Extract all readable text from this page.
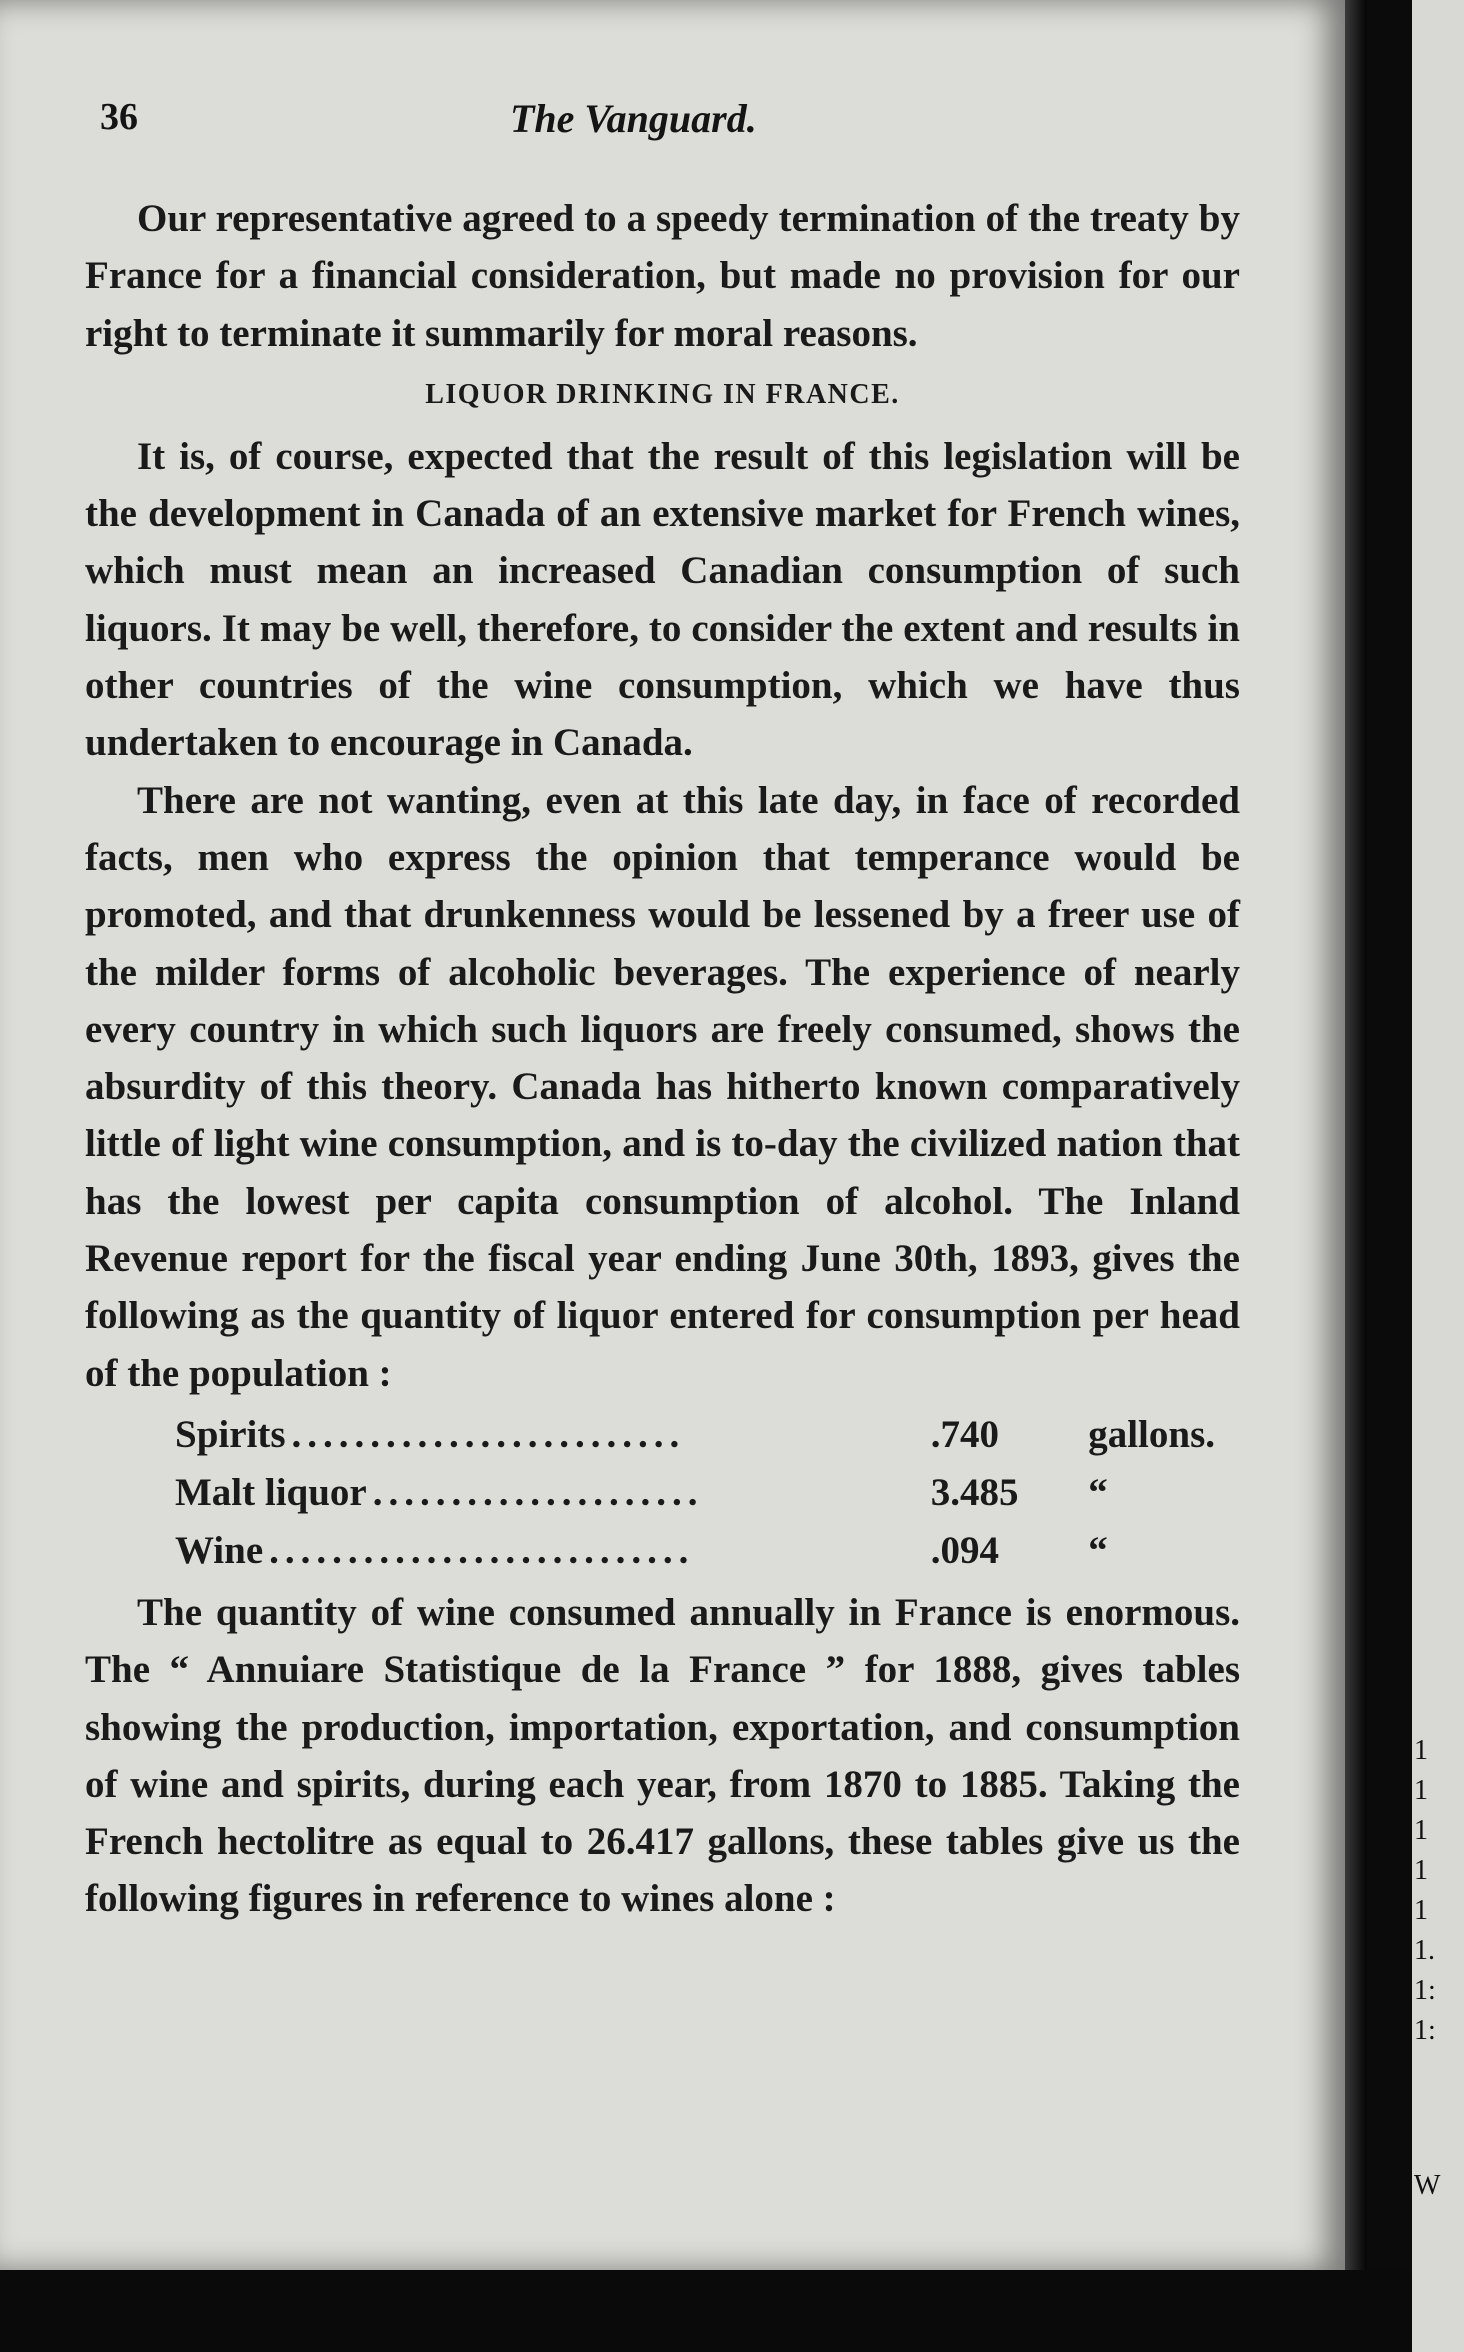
36	The Vanguard.

Our representative agreed to a speedy termination of the treaty by France for a financial consideration, but made no provision for our right to terminate it summarily for moral reasons.

LIQUOR DRINKING IN FRANCE.

It is, of course, expected that the result of this legislation will be the development in Canada of an extensive market for French wines, which must mean an increased Canadian consumption of such liquors. It may be well, therefore, to consider the extent and results in other countries of the wine consumption, which we have thus undertaken to encourage in Canada.

There are not wanting, even at this late day, in face of recorded facts, men who express the opinion that temperance would be promoted, and that drunkenness would be lessened by a freer use of the milder forms of alcoholic beverages. The experience of nearly every country in which such liquors are freely consumed, shows the absurdity of this theory. Canada has hitherto known comparatively little of light wine consumption, and is to-day the civilized nation that has the lowest per capita consumption of alcohol. The Inland Revenue report for the fiscal year ending June 30th, 1893, gives the following as the quantity of liquor entered for consumption per head of the population :

Spirits .........................	.740	gallons.
Malt liquor .....................	3.485	“
Wine ...........................	.094	“

The quantity of wine consumed annually in France is enormous. The “ Annuiare Statistique de la France ” for 1888, gives tables showing the production, importation, exportation, and consumption of wine and spirits, during each year, from 1870 to 1885. Taking the French hectolitre as equal to 26.417 gallons, these tables give us the following figures in reference to wines alone :

1
1
1
1
1
1.
1:
1:
W
